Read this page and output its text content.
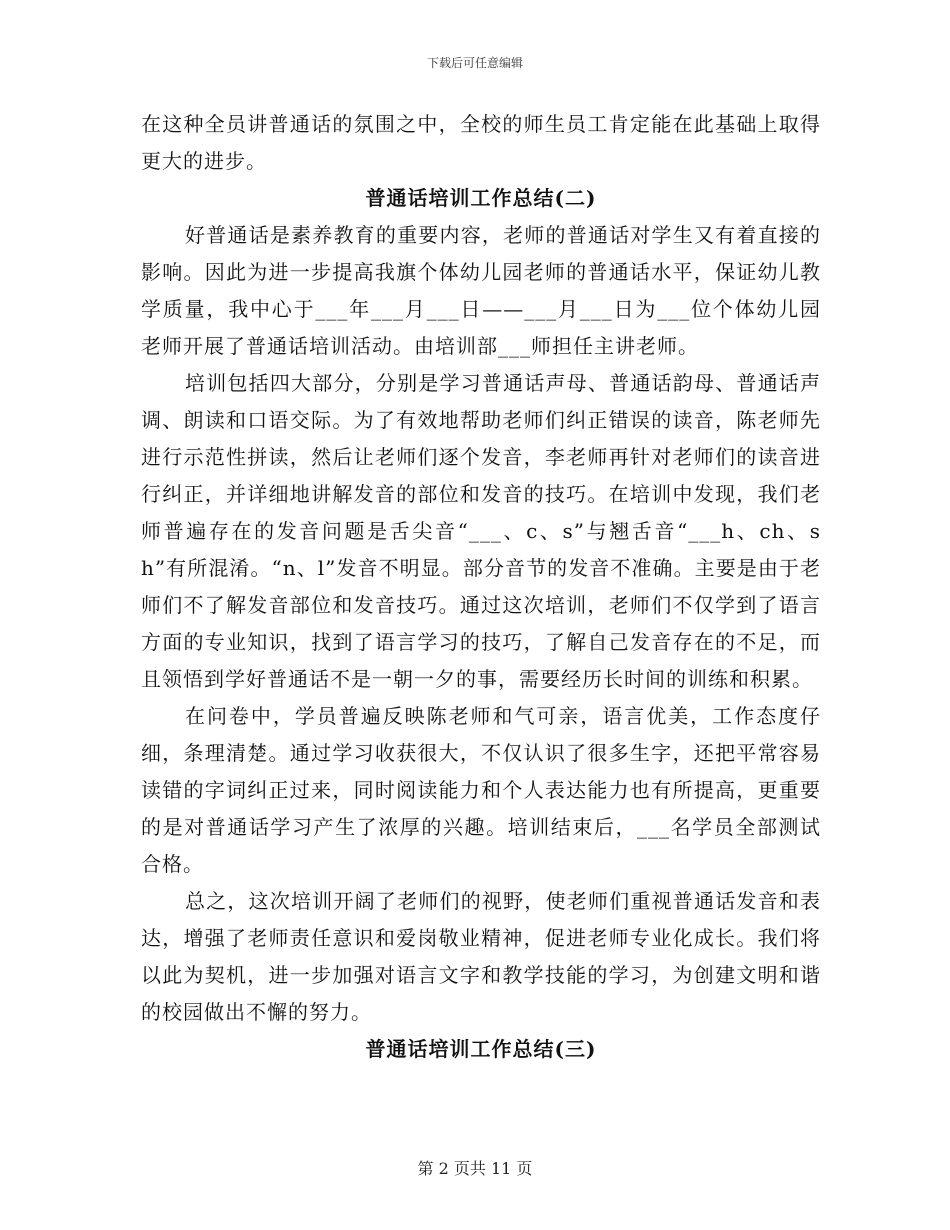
下载后可任意编辑

在这种全员讲普通话的氛围之中，全校的师生员工肯定能在此基础上取得更大的进步。

普通话培训工作总结(二)

好普通话是素养教育的重要内容，老师的普通话对学生又有着直接的影响。因此为进一步提高我旗个体幼儿园老师的普通话水平，保证幼儿教学质量，我中心于___年___月___日——___月___日为___位个体幼儿园老师开展了普通话培训活动。由培训部___师担任主讲老师。

培训包括四大部分，分别是学习普通话声母、普通话韵母、普通话声调、朗读和口语交际。为了有效地帮助老师们纠正错误的读音，陈老师先进行示范性拼读，然后让老师们逐个发音，李老师再针对老师们的读音进行纠正，并详细地讲解发音的部位和发音的技巧。在培训中发现，我们老师普遍存在的发音问题是舌尖音“___、c、s”与翘舌音“___h、ch、sh”有所混淆。“n、l”发音不明显。部分音节的发音不准确。主要是由于老师们不了解发音部位和发音技巧。通过这次培训，老师们不仅学到了语言方面的专业知识，找到了语言学习的技巧，了解自己发音存在的不足，而且领悟到学好普通话不是一朝一夕的事，需要经历长时间的训练和积累。

在问卷中，学员普遍反映陈老师和气可亲，语言优美，工作态度仔细，条理清楚。通过学习收获很大，不仅认识了很多生字，还把平常容易读错的字词纠正过来，同时阅读能力和个人表达能力也有所提高，更重要的是对普通话学习产生了浓厚的兴趣。培训结束后，___名学员全部测试合格。

总之，这次培训开阔了老师们的视野，使老师们重视普通话发音和表达，增强了老师责任意识和爱岗敬业精神，促进老师专业化成长。我们将以此为契机，进一步加强对语言文字和教学技能的学习，为创建文明和谐的校园做出不懈的努力。

普通话培训工作总结(三)
第 2 页共 11 页
